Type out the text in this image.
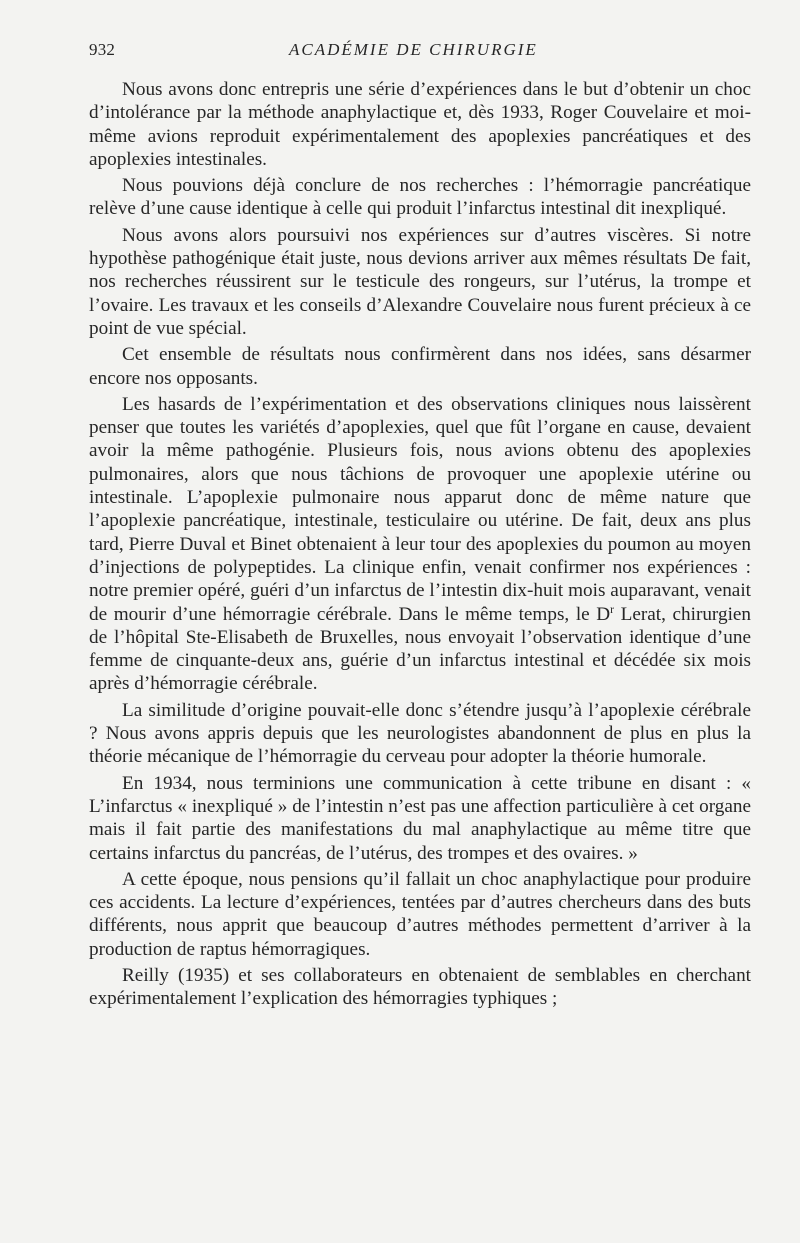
932	ACADÉMIE DE CHIRURGIE

Nous avons donc entrepris une série d’expériences dans le but d’obtenir un choc d’intolérance par la méthode anaphylactique et, dès 1933, Roger Couvelaire et moi-même avions reproduit expérimentalement des apoplexies pancréatiques et des apoplexies intestinales.

Nous pouvions déjà conclure de nos recherches : l’hémorragie pancréatique relève d’une cause identique à celle qui produit l’infarctus intestinal dit inexpliqué.

Nous avons alors poursuivi nos expériences sur d’autres viscères. Si notre hypothèse pathogénique était juste, nous devions arriver aux mêmes résultats De fait, nos recherches réussirent sur le testicule des rongeurs, sur l’utérus, la trompe et l’ovaire. Les travaux et les conseils d’Alexandre Couvelaire nous furent précieux à ce point de vue spécial.

Cet ensemble de résultats nous confirmèrent dans nos idées, sans désarmer encore nos opposants.

Les hasards de l’expérimentation et des observations cliniques nous laissèrent penser que toutes les variétés d’apoplexies, quel que fût l’organe en cause, devaient avoir la même pathogénie. Plusieurs fois, nous avions obtenu des apoplexies pulmonaires, alors que nous tâchions de provoquer une apoplexie utérine ou intestinale. L’apoplexie pulmonaire nous apparut donc de même nature que l’apoplexie pancréatique, intestinale, testiculaire ou utérine. De fait, deux ans plus tard, Pierre Duval et Binet obtenaient à leur tour des apoplexies du poumon au moyen d’injections de polypeptides. La clinique enfin, venait confirmer nos expériences : notre premier opéré, guéri d’un infarctus de l’intestin dix-huit mois auparavant, venait de mourir d’une hémorragie cérébrale. Dans le même temps, le $D^r$ Lerat, chirurgien de l’hôpital Ste-Elisabeth de Bruxelles, nous envoyait l’observation identique d’une femme de cinquante-deux ans, guérie d’un infarctus intestinal et décédée six mois après d’hémorragie cérébrale.

La similitude d’origine pouvait-elle donc s’étendre jusqu’à l’apoplexie cérébrale ? Nous avons appris depuis que les neurologistes abandonnent de plus en plus la théorie mécanique de l’hémorragie du cerveau pour adopter la théorie humorale.

En 1934, nous terminions une communication à cette tribune en disant : « L’infarctus « inexpliqué » de l’intestin n’est pas une affection particulière à cet organe mais il fait partie des manifestations du mal anaphylactique au même titre que certains infarctus du pancréas, de l’utérus, des trompes et des ovaires. »

A cette époque, nous pensions qu’il fallait un choc anaphylactique pour produire ces accidents. La lecture d’expériences, tentées par d’autres chercheurs dans des buts différents, nous apprit que beaucoup d’autres méthodes permettent d’arriver à la production de raptus hémorragiques.

Reilly (1935) et ses collaborateurs en obtenaient de semblables en cherchant expérimentalement l’explication des hémorragies typhiques ;
